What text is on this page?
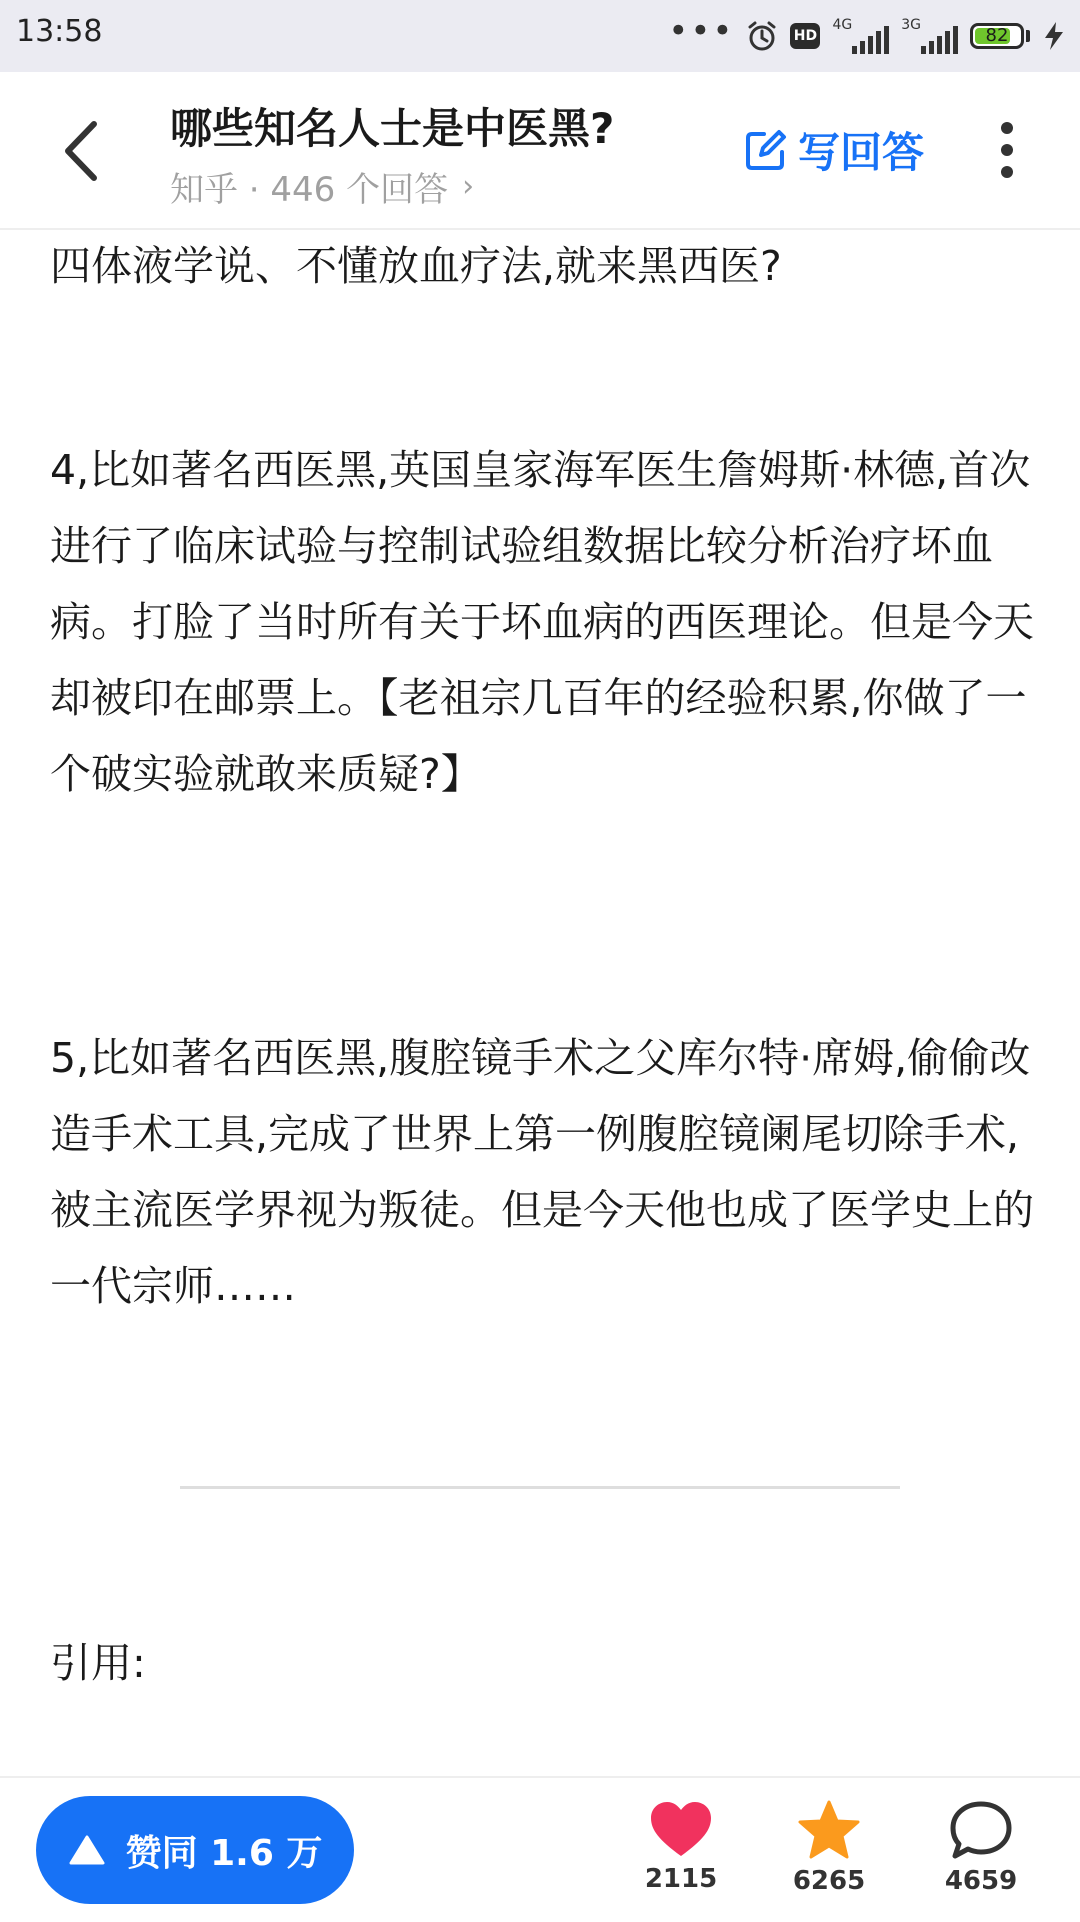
13:58	•••	HD
4G	3G	82
哪些知名人士是中医黑?
知乎 · 446 个回答 ›
写回答

四体液学说、不懂放血疗法,就来黑西医?

4,比如著名西医黑,英国皇家海军医生詹姆斯·林德,首次进行了临床试验与控制试验组数据比较分析治疗坏血病。打脸了当时所有关于坏血病的西医理论。但是今天却被印在邮票上。【老祖宗几百年的经验积累,你做了一个破实验就敢来质疑?】

5,比如著名西医黑,腹腔镜手术之父库尔特·席姆,偷偷改造手术工具,完成了世界上第一例腹腔镜阑尾切除手术,被主流医学界视为叛徒。但是今天他也成了医学史上的一代宗师……

引用:
赞同 1.6 万
2115	6265	4659
